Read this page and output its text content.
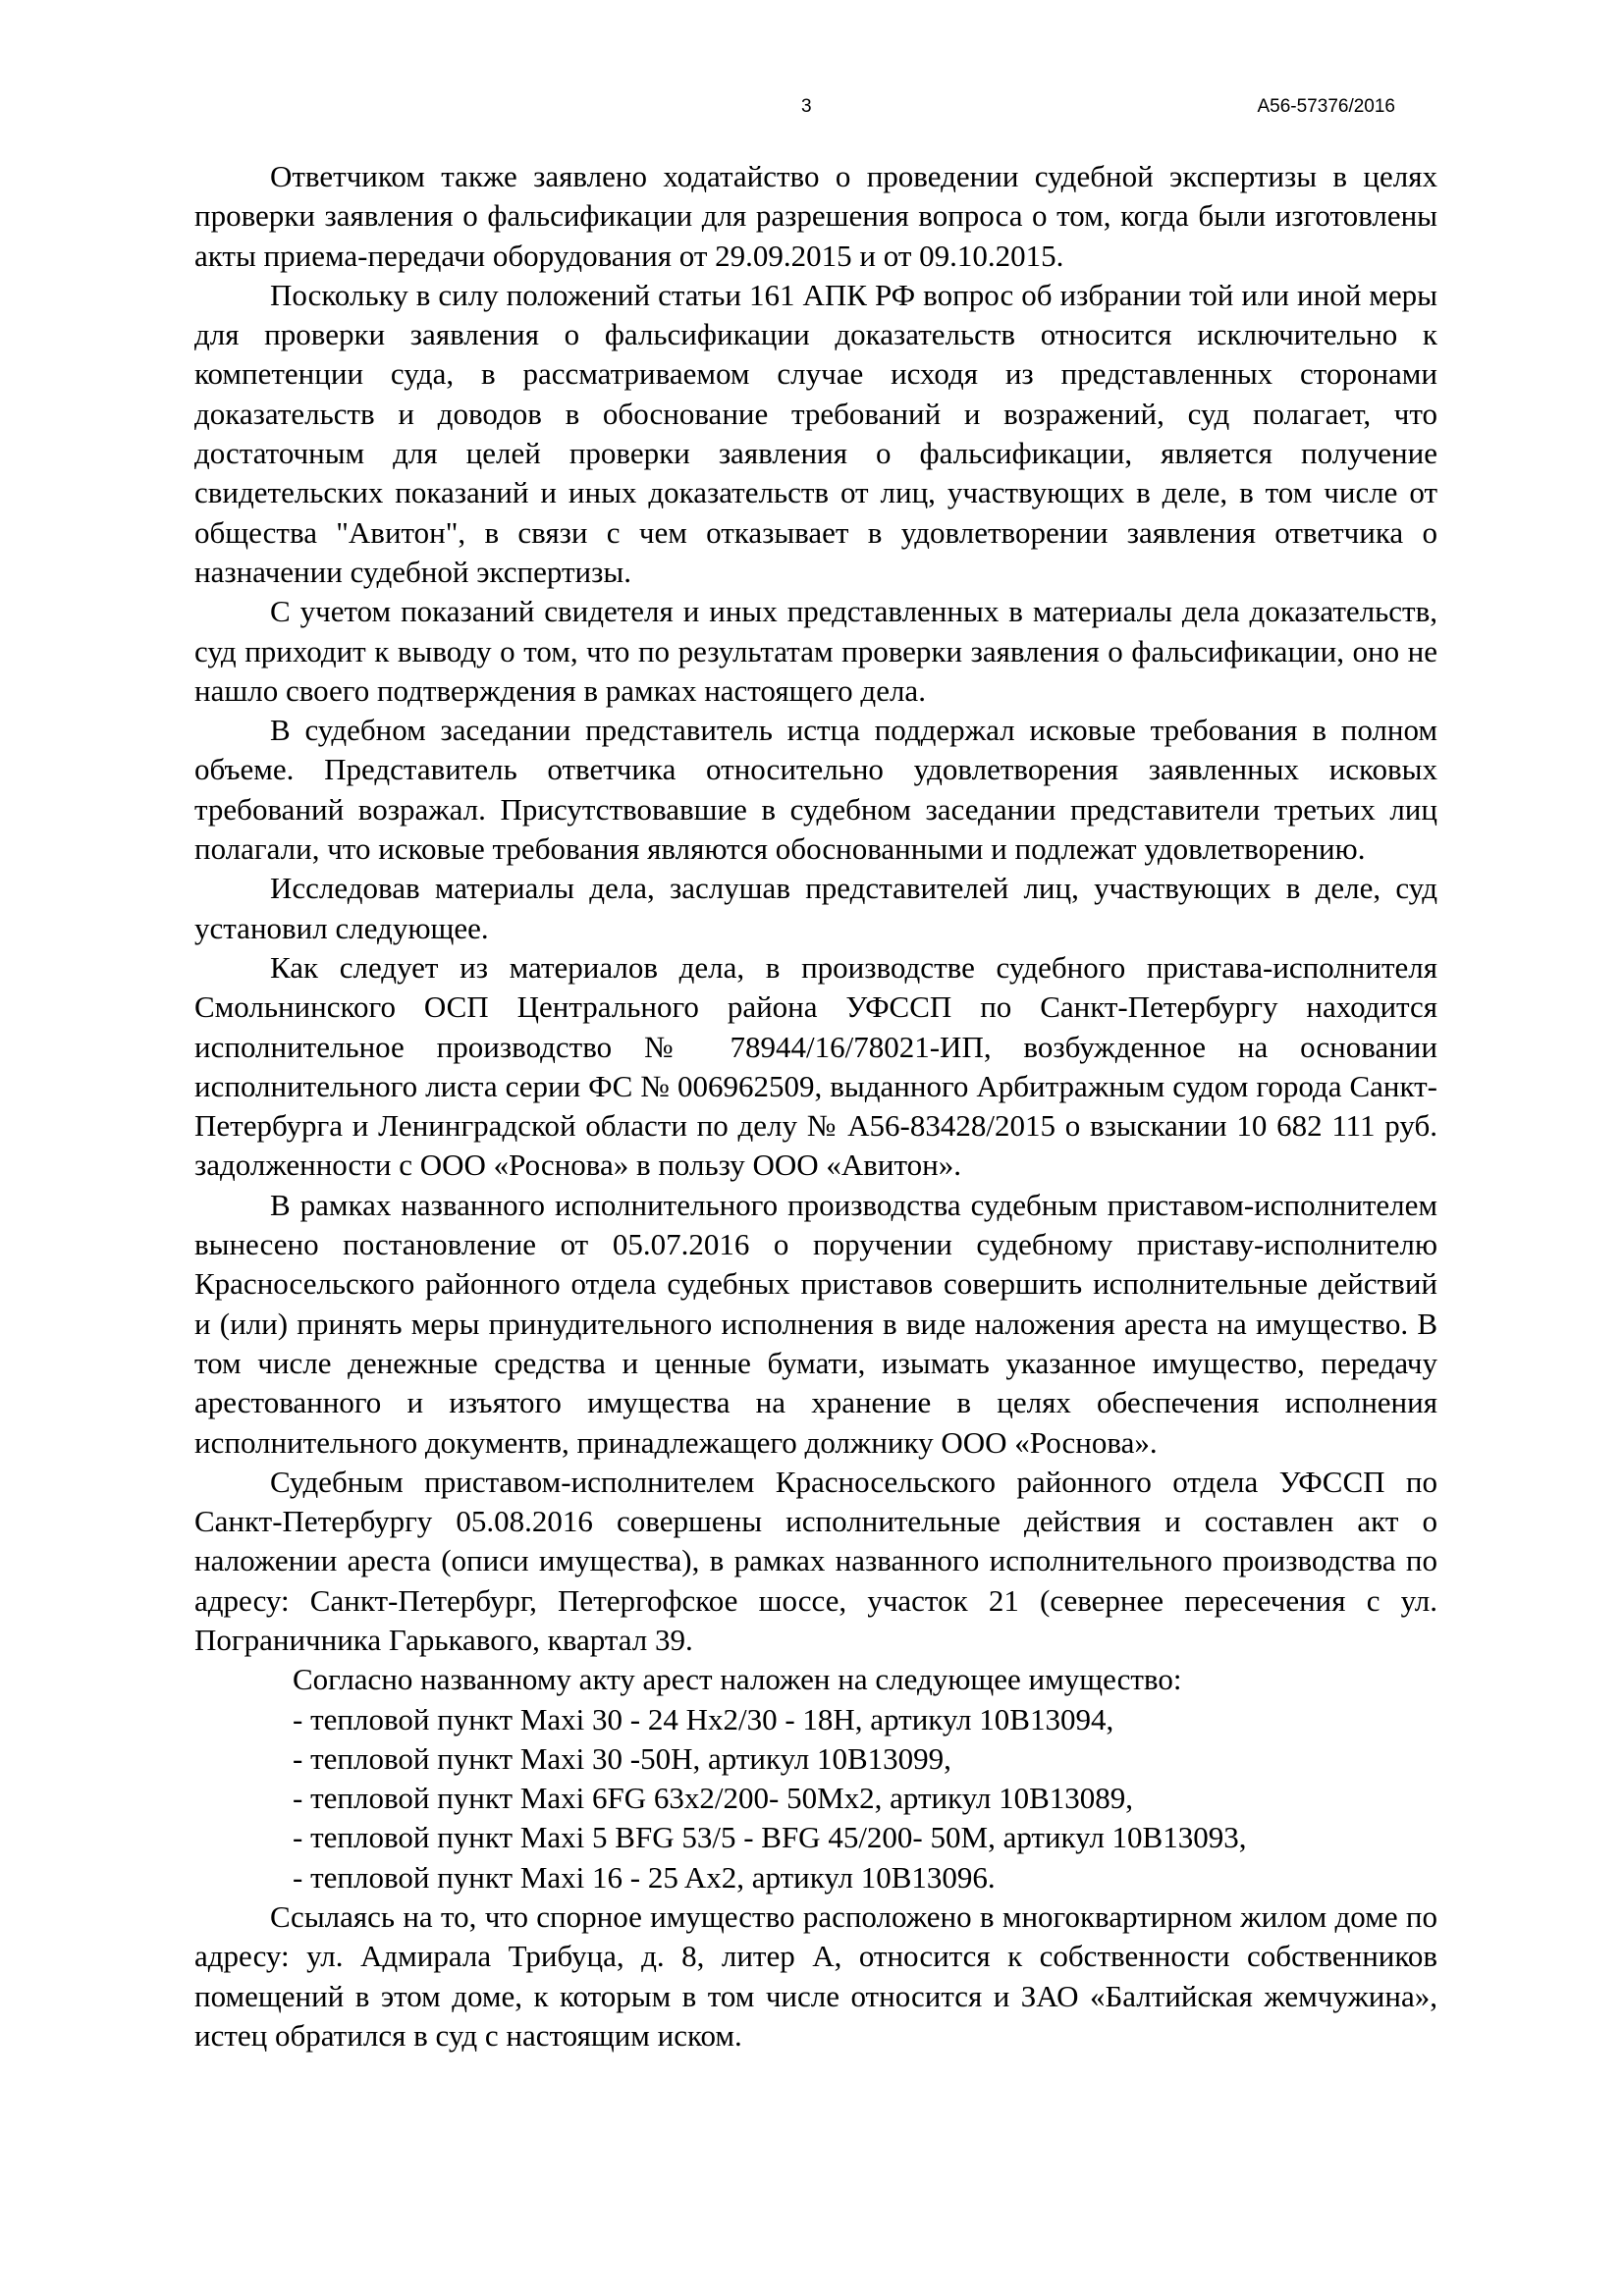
3	А56-57376/2016

Ответчиком также заявлено ходатайство о проведении судебной экспертизы в целях проверки заявления о фальсификации для разрешения вопроса о том, когда были изготовлены акты приема-передачи оборудования от 29.09.2015 и от 09.10.2015.

Поскольку в силу положений статьи 161 АПК РФ вопрос об избрании той или иной меры для проверки заявления о фальсификации доказательств относится исключительно к компетенции суда, в рассматриваемом случае исходя из представленных сторонами доказательств и доводов в обоснование требований и возражений, суд полагает, что достаточным для целей проверки заявления о фальсификации, является получение свидетельских показаний и иных доказательств от лиц, участвующих в деле, в том числе от общества "Авитон", в связи с чем отказывает в удовлетворении заявления ответчика о назначении судебной экспертизы.

С учетом показаний свидетеля и иных представленных в материалы дела доказательств, суд приходит к выводу о том, что по результатам проверки заявления о фальсификации, оно не нашло своего подтверждения в рамках настоящего дела.

В судебном заседании представитель истца поддержал исковые требования в полном объеме. Представитель ответчика относительно удовлетворения заявленных исковых требований возражал. Присутствовавшие в судебном заседании представители третьих лиц полагали, что исковые требования являются обоснованными и подлежат удовлетворению.

Исследовав материалы дела, заслушав представителей лиц, участвующих в деле, суд установил следующее.

Как следует из материалов дела, в производстве судебного пристава-исполнителя Смольнинского ОСП Центрального района УФССП по Санкт-Петербургу находится исполнительное производство № 78944/16/78021-ИП, возбужденное на основании исполнительного листа серии ФС № 006962509, выданного Арбитражным судом города Санкт-Петербурга и Ленинградской области по делу № А56-83428/2015 о взыскании 10 682 111 руб. задолженности с ООО «Роснова» в пользу ООО «Авитон».

В рамках названного исполнительного производства судебным приставом-исполнителем вынесено постановление от 05.07.2016 о поручении судебному приставу-исполнителю Красносельского районного отдела судебных приставов совершить исполнительные действий и (или) принять меры принудительного исполнения в виде наложения ареста на имущество. В том числе денежные средства и ценные бумати, изымать указанное имущество, передачу арестованного и изъятого имущества на хранение в целях обеспечения исполнения исполнительного документв, принадлежащего должнику ООО «Роснова».

Судебным приставом-исполнителем Красносельского районного отдела УФССП по Санкт-Петербургу 05.08.2016 совершены исполнительные действия и составлен акт о наложении ареста (описи имущества), в рамках названного исполнительного производства по адресу: Санкт-Петербург, Петергофское шоссе, участок 21 (севернее пересечения с ул. Пограничника Гарькавого, квартал 39.

Согласно названному акту арест наложен на следующее имущество:

- тепловой пункт Maxi 30 - 24 Hx2/30 - 18H, артикул 10В13094,
- тепловой пункт Maxi 30 -50H, артикул 10В13099,
- тепловой пункт Maxi 6FG 63x2/200- 50Mx2, артикул 10В13089,
- тепловой пункт Maxi 5 BFG 53/5 - BFG 45/200- 50M, артикул 10В13093,
- тепловой пункт Maxi 16 - 25 Ax2, артикул 10В13096.

Ссылаясь на то, что спорное имущество расположено в многоквартирном жилом доме по адресу: ул. Адмирала Трибуца, д. 8, литер А, относится к собственности собственников помещений в этом доме, к которым в том числе относится и ЗАО «Балтийская жемчужина», истец обратился в суд с настоящим иском.
